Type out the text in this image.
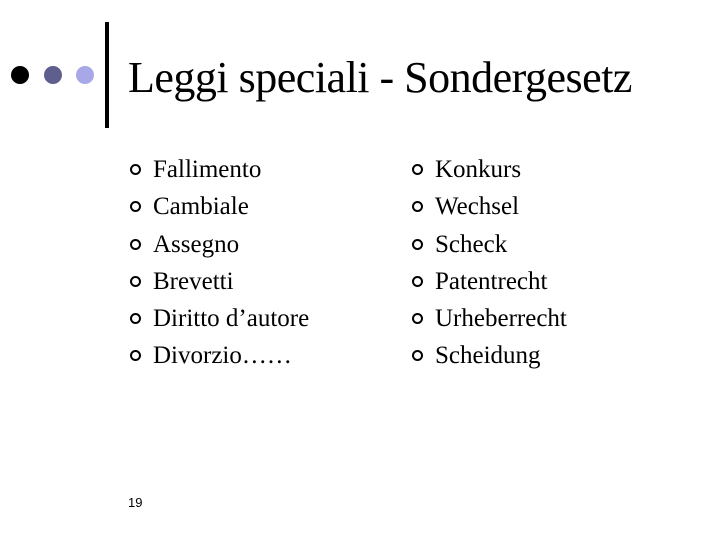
Leggi speciali - Sondergesetz
Fallimento
Cambiale
Assegno
Brevetti
Diritto d’autore
Divorzio……
Konkurs
Wechsel
Scheck
Patentrecht
Urheberrecht
Scheidung
19
